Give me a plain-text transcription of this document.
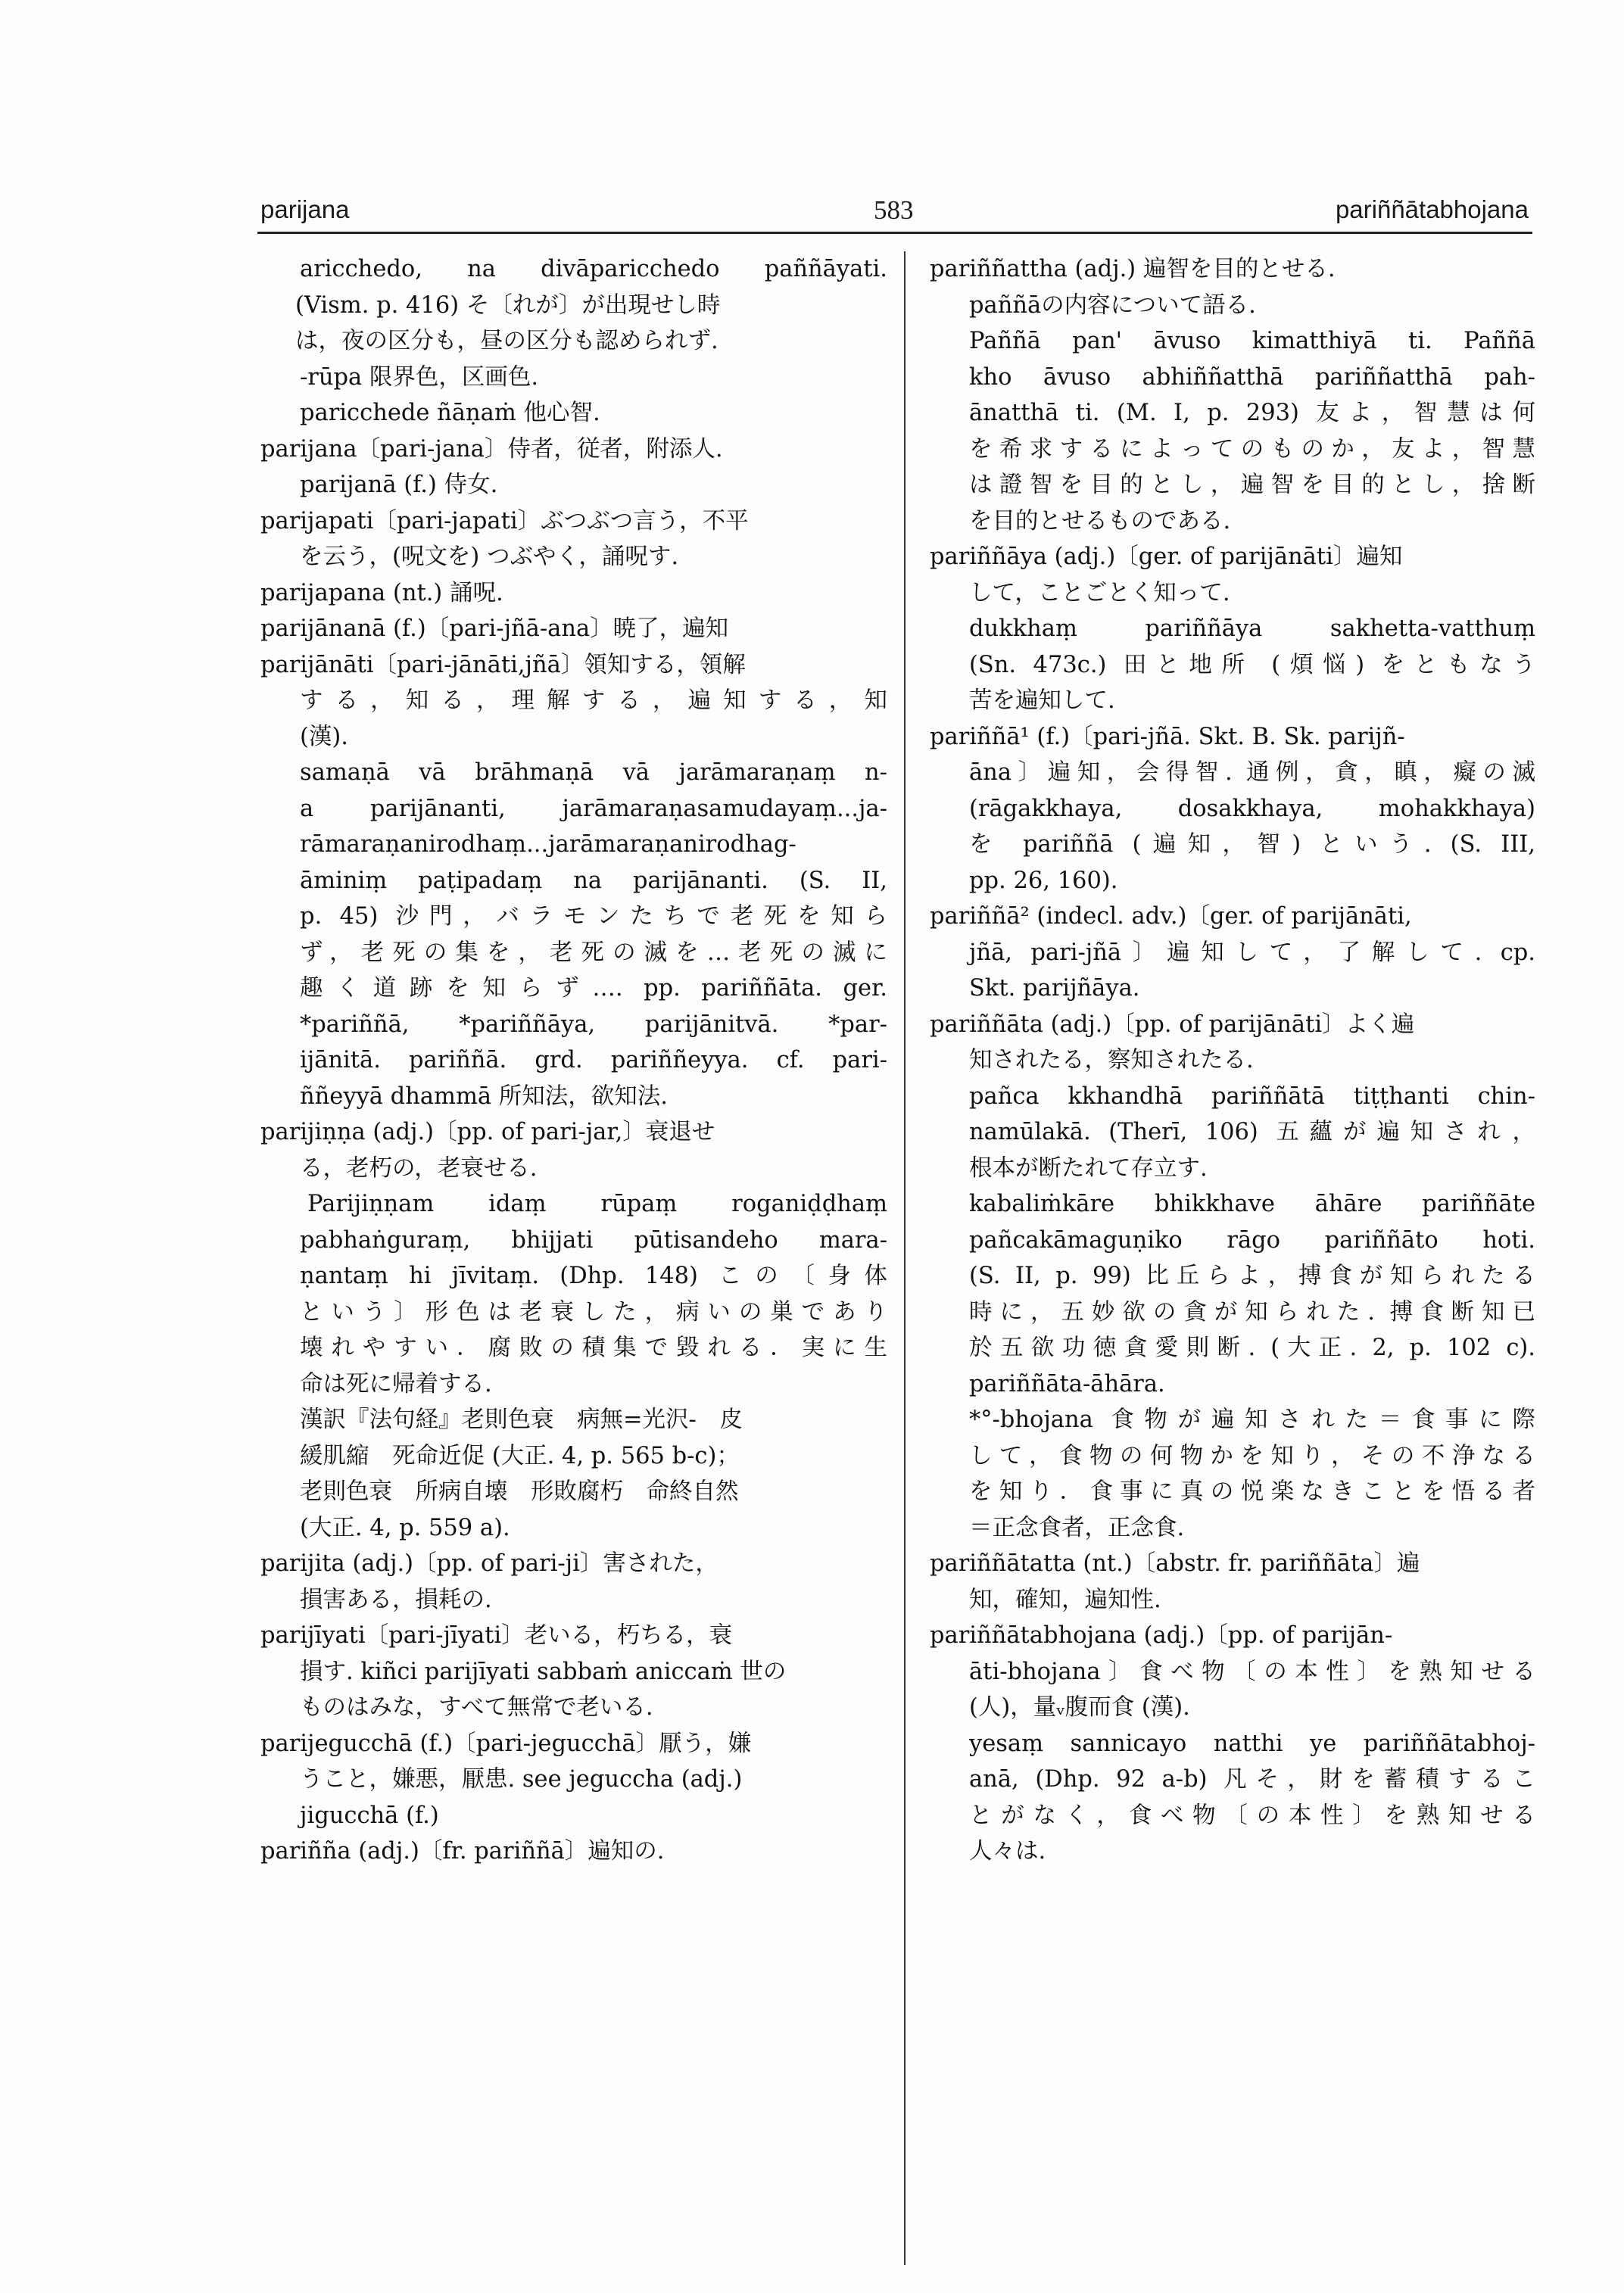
parijana	583	pariññātabhojana
aricchedo, na divāparicchedo paññāyati.
(Vism. p. 416) そ〔れが〕が出現せし時
は，夜の区分も，昼の区分も認められず.
-rūpa 限界色，区画色.
paricchede ñāṇaṁ 他心智.
parijana〔pari-jana〕侍者，従者，附添人.
parijanā (f.) 侍女.
parijapati〔pari-japati〕ぶつぶつ言う，不平
を云う，(呪文を) つぶやく，誦呪す.
parijapana (nt.) 誦呪.
parijānanā (f.)〔pari-jñā-ana〕暁了，遍知
parijānāti〔pari-jānāti,jñā〕領知する，領解
する，知る，理解する，遍知する，知
(漢).
samaṇā vā brāhmaṇā vā jarāmaraṇaṃ n-
a parijānanti, jarāmaraṇasamudayaṃ...ja-
rāmaraṇanirodhaṃ...jarāmaraṇanirodhag-
āminiṃ paṭipadaṃ na parijānanti. (S. II,
p. 45) 沙門，バラモンたちで老死を知ら
ず，老死の集を，老死の滅を…老死の滅に
趣く道跡を知らず…. pp. pariññāta. ger.
*pariññā, *pariññāya, parijānitvā. *par-
ijānitā. pariññā. grd. pariññeyya. cf. pari-
ññeyyā dhammā 所知法，欲知法.
parijiṇṇa (adj.)〔pp. of pari-jar,〕衰退せ
る，老朽の，老衰せる.
Parijiṇṇam idaṃ rūpaṃ roganiḍḍhaṃ
pabhaṅguraṃ, bhijjati pūtisandeho mara-
ṇantaṃ hi jīvitaṃ. (Dhp. 148) この〔身体
という〕形色は老衰した，病いの巣であり
壊れやすい．腐敗の積集で毀れる．実に生
命は死に帰着する.
漢訳『法句経』老則色衰　病無=光沢-　皮
緩肌縮　死命近促 (大正. 4, p. 565 b-c)；
老則色衰　所病自壊　形敗腐朽　命終自然
(大正. 4, p. 559 a).
parijita (adj.)〔pp. of pari-ji〕害された，
損害ある，損耗の.
parijīyati〔pari-jīyati〕老いる，朽ちる，衰
損す. kiñci parijīyati sabbaṁ aniccaṁ 世の
ものはみな，すべて無常で老いる.
parijegucchā (f.)〔pari-jegucchā〕厭う，嫌
うこと，嫌悪，厭患. see jeguccha (adj.)
jigucchā (f.)
pariñña (adj.)〔fr. pariññā〕遍知の.
pariññattha (adj.) 遍智を目的とせる.
paññāの内容について語る.
Paññā pan' āvuso kimatthiyā ti. Paññā
kho āvuso abhiññatthā pariññatthā pah-
ānatthā ti. (M. I, p. 293) 友よ，智慧は何
を希求するによってのものか，友よ，智慧
は證智を目的とし，遍智を目的とし，捨断
を目的とせるものである.
pariññāya (adj.)〔ger. of parijānāti〕遍知
して，ことごとく知って.
dukkhaṃ pariññāya sakhetta-vatthuṃ
(Sn. 473c.) 田と地所 (煩悩) をともなう
苦を遍知して.
pariññā¹ (f.)〔pari-jñā. Skt. B. Sk. parijñ-
āna〕遍知，会得智. 通例，貪，瞋，癡の滅
(rāgakkhaya, dosakkhaya, mohakkhaya)
を pariññā (遍知，智) という. (S. III,
pp. 26, 160).
pariññā² (indecl. adv.)〔ger. of parijānāti,
jñā, pari-jñā〕遍知して，了解して. cp.
Skt. parijñāya.
pariññāta (adj.)〔pp. of parijānāti〕よく遍
知されたる，察知されたる.
pañca kkhandhā pariññātā tiṭṭhanti chin-
namūlakā. (Therī, 106) 五蘊が遍知され，
根本が断たれて存立す.
kabaliṁkāre bhikkhave āhāre pariññāte
pañcakāmaguṇiko rāgo pariññāto hoti.
(S. II, p. 99) 比丘らよ，搏食が知られたる
時に，五妙欲の貪が知られた. 搏食断知已
於五欲功徳貪愛則断. (大正. 2, p. 102 c).
pariññāta-āhāra.
*°-bhojana 食物が遍知された＝食事に際
して，食物の何物かを知り，その不浄なる
を知り．食事に真の悦楽なきことを悟る者
＝正念食者，正念食.
pariññātatta (nt.)〔abstr. fr. pariññāta〕遍
知，確知，遍知性.
pariññātabhojana (adj.)〔pp. of parijān-
āti-bhojana〕食べ物〔の本性〕を熟知せる
(人)，量ᵥ腹而食 (漢).
yesaṃ sannicayo natthi ye pariññātabhoj-
anā, (Dhp. 92 a-b) 凡そ，財を蓄積するこ
とがなく，食べ物〔の本性〕を熟知せる
人々は.
